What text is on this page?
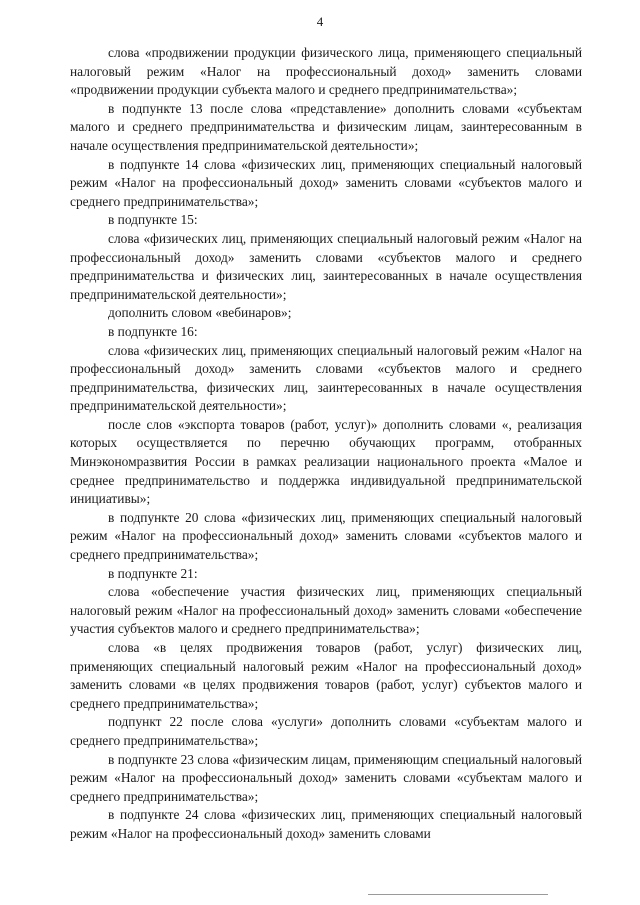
4

слова «продвижении продукции физического лица, применяющего специальный налоговый режим «Налог на профессиональный доход» заменить словами «продвижении продукции субъекта малого и среднего предпринимательства»;

в подпункте 13 после слова «представление» дополнить словами «субъектам малого и среднего предпринимательства и физическим лицам, заинтересованным в начале осуществления предпринимательской деятельности»;

в подпункте 14 слова «физических лиц, применяющих специальный налоговый режим «Налог на профессиональный доход» заменить словами «субъектов малого и среднего предпринимательства»;

в подпункте 15:

слова «физических лиц, применяющих специальный налоговый режим «Налог на профессиональный доход» заменить словами «субъектов малого и среднего предпринимательства и физических лиц, заинтересованных в начале осуществления предпринимательской деятельности»;

дополнить словом «вебинаров»;

в подпункте 16:

слова «физических лиц, применяющих специальный налоговый режим «Налог на профессиональный доход» заменить словами «субъектов малого и среднего предпринимательства, физических лиц, заинтересованных в начале осуществления предпринимательской деятельности»;

после слов «экспорта товаров (работ, услуг)» дополнить словами «, реализация которых осуществляется по перечню обучающих программ, отобранных Минэкономразвития России в рамках реализации национального проекта «Малое и среднее предпринимательство и поддержка индивидуальной предпринимательской инициативы»;

в подпункте 20 слова «физических лиц, применяющих специальный налоговый режим «Налог на профессиональный доход» заменить словами «субъектов малого и среднего предпринимательства»;

в подпункте 21:

слова «обеспечение участия физических лиц, применяющих специальный налоговый режим «Налог на профессиональный доход» заменить словами «обеспечение участия субъектов малого и среднего предпринимательства»;

слова «в целях продвижения товаров (работ, услуг) физических лиц, применяющих специальный налоговый режим «Налог на профессиональный доход» заменить словами «в целях продвижения товаров (работ, услуг) субъектов малого и среднего предпринимательства»;

подпункт 22 после слова «услуги» дополнить словами «субъектам малого и среднего предпринимательства»;

в подпункте 23 слова «физическим лицам, применяющим специальный налоговый режим «Налог на профессиональный доход» заменить словами «субъектам малого и среднего предпринимательства»;

в подпункте 24 слова «физических лиц, применяющих специальный налоговый режим «Налог на профессиональный доход» заменить словами
